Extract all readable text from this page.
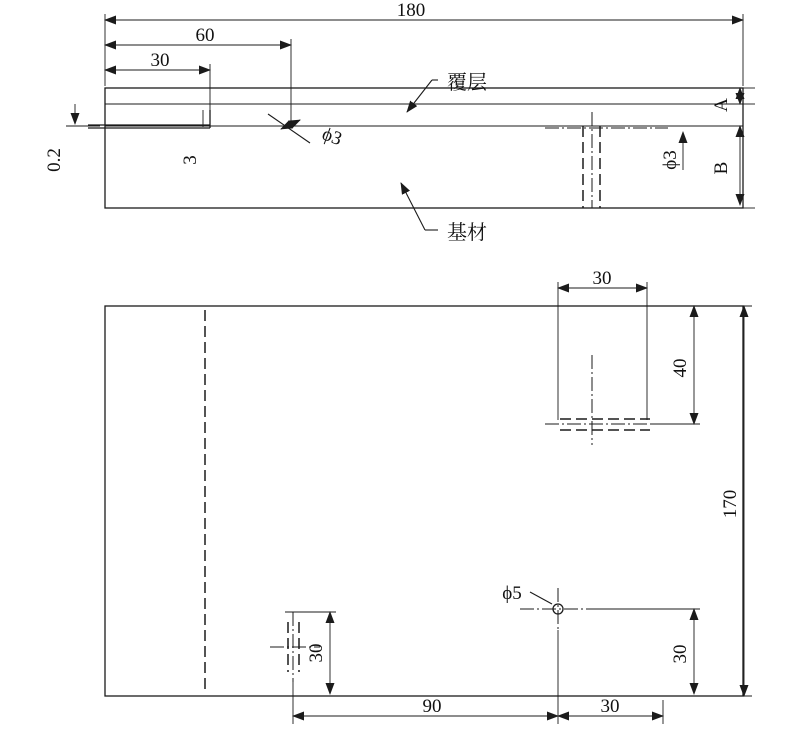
180
60
30
0.2	3
ϕ3
ϕ3
A
B
覆层
基材
ϕ5
30
40
170
30	30
90	30
